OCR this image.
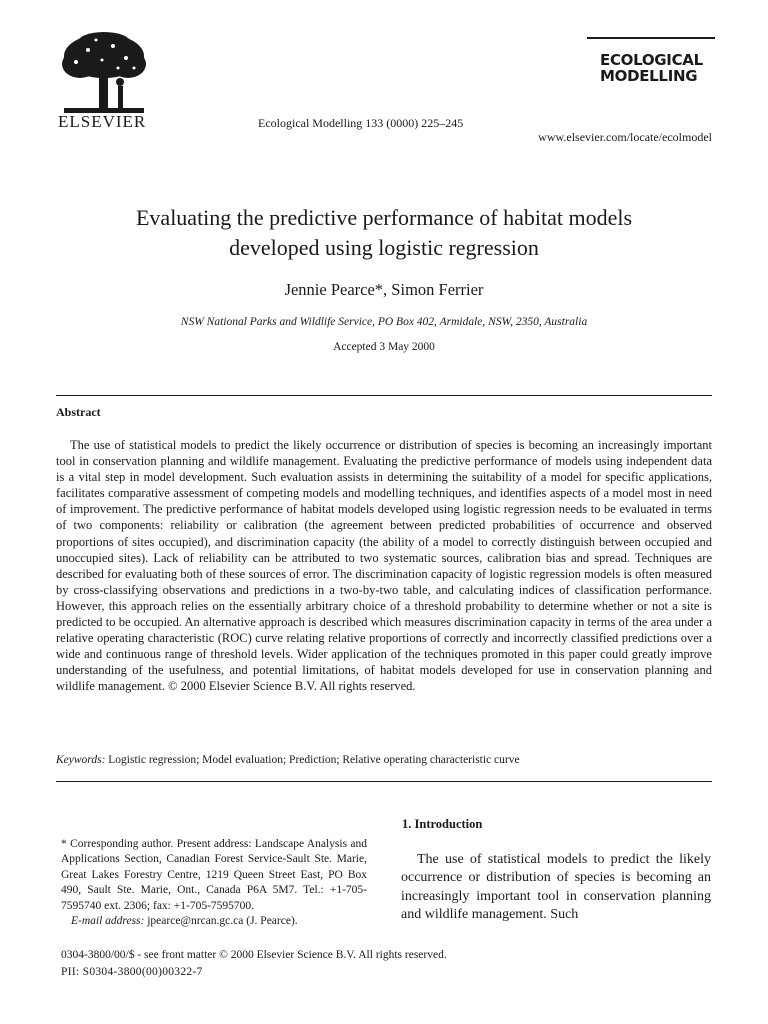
ELSEVIER	Ecological Modelling 133 (0000) 225–245
ECOLOGICAL
MODELLING
www.elsevier.com/locate/ecolmodel
Evaluating the predictive performance of habitat models
developed using logistic regression
Jennie Pearce*, Simon Ferrier
NSW National Parks and Wildlife Service, PO Box 402, Armidale, NSW, 2350, Australia
Accepted 3 May 2000
Abstract

The use of statistical models to predict the likely occurrence or distribution of species is becoming an increasingly important tool in conservation planning and wildlife management. Evaluating the predictive performance of models using independent data is a vital step in model development. Such evaluation assists in determining the suitability of a model for specific applications, facilitates comparative assessment of competing models and modelling techniques, and identifies aspects of a model most in need of improvement. The predictive performance of habitat models developed using logistic regression needs to be evaluated in terms of two components: reliability or calibration (the agreement between predicted probabilities of occurrence and observed proportions of sites occupied), and discrimination capacity (the ability of a model to correctly distinguish between occupied and unoccupied sites). Lack of reliability can be attributed to two systematic sources, calibration bias and spread. Techniques are described for evaluating both of these sources of error. The discrimination capacity of logistic regression models is often measured by cross-classifying observations and predictions in a two-by-two table, and calculating indices of classification performance. However, this approach relies on the essentially arbitrary choice of a threshold probability to determine whether or not a site is predicted to be occupied. An alternative approach is described which measures discrimination capacity in terms of the area under a relative operating characteristic (ROC) curve relating relative proportions of correctly and incorrectly classified predictions over a wide and continuous range of threshold levels. Wider application of the techniques promoted in this paper could greatly improve understanding of the usefulness, and potential limitations, of habitat models developed for use in conservation planning and wildlife management. © 2000 Elsevier Science B.V. All rights reserved.

Keywords: Logistic regression; Model evaluation; Prediction; Relative operating characteristic curve
1. Introduction

The use of statistical models to predict the likely occurrence or distribution of species is becoming an increasingly important tool in conservation planning and wildlife management. Such

* Corresponding author. Present address: Landscape Analysis and Applications Section, Canadian Forest Service-Sault Ste. Marie, Great Lakes Forestry Centre, 1219 Queen Street East, PO Box 490, Sault Ste. Marie, Ont., Canada P6A 5M7. Tel.: +1-705-7595740 ext. 2306; fax: +1-705-7595700.
E-mail address: jpearce@nrcan.gc.ca (J. Pearce).

0304-3800/00/$ - see front matter © 2000 Elsevier Science B.V. All rights reserved.
PII: S0304-3800(00)00322-7
